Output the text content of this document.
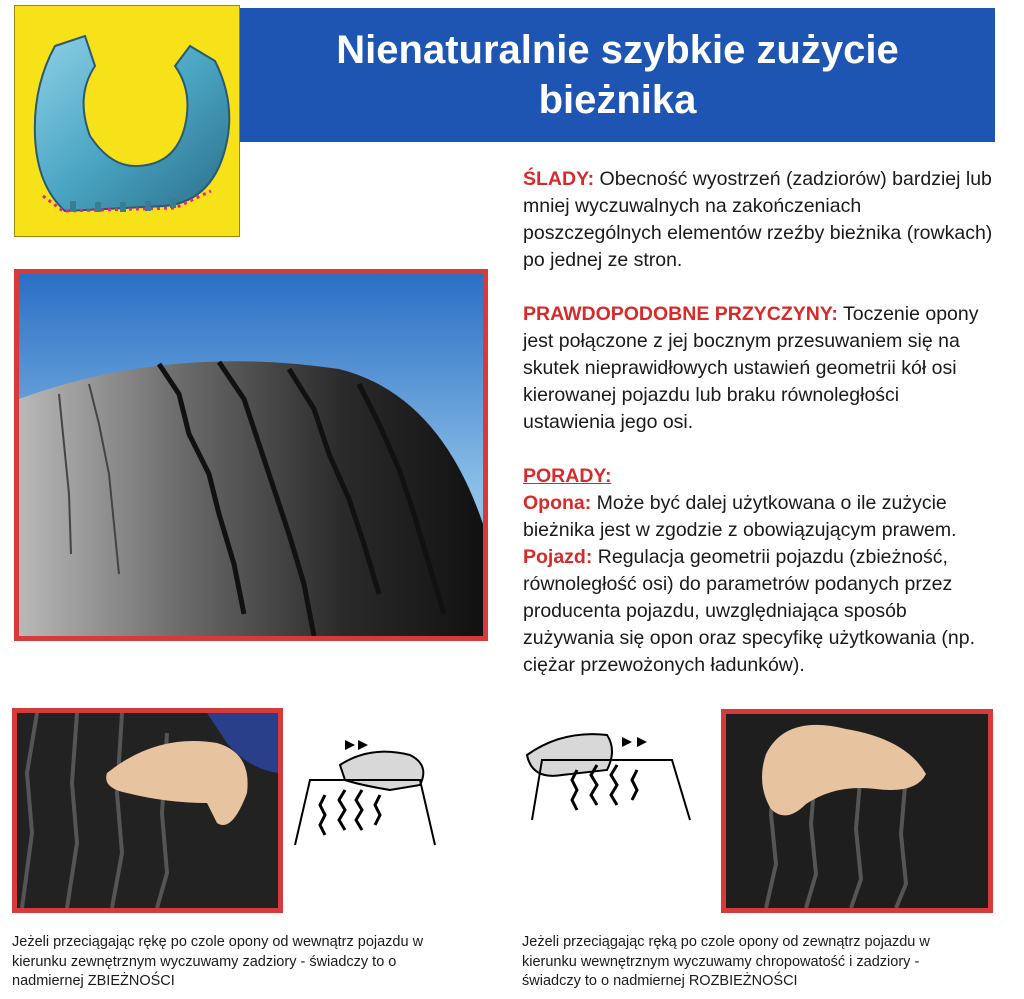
Nienaturalnie szybkie zużycie
bieżnika

ŚLADY: Obecność wyostrzeń (zadziorów) bardziej lub mniej wyczuwalnych na zakończeniach poszczególnych elementów rzeźby bieżnika (rowkach) po jednej ze stron.

PRAWDOPODOBNE PRZYCZYNY: Toczenie opony jest połączone z jej bocznym przesuwaniem się na skutek nieprawidłowych ustawień geometrii kół osi kierowanej pojazdu lub braku równoległości ustawienia jego osi.

PORADY:
Opona: Może być dalej użytkowana o ile zużycie bieżnika jest w zgodzie z obowiązującym prawem.
Pojazd: Regulacja geometrii pojazdu (zbieżność, równoległość osi) do parametrów podanych przez producenta pojazdu, uwzględniająca sposób zużywania się opon oraz specyfikę użytkowania (np. ciężar przewożonych ładunków).
Jeżeli przeciągając rękę po czole opony od wewnątrz pojazdu w kierunku zewnętrznym wyczuwamy zadziory - świadczy to o nadmiernej ZBIEŻNOŚCI
Jeżeli przeciągając ręką po czole opony od zewnątrz pojazdu w kierunku wewnętrznym wyczuwamy chropowatość i zadziory - świadczy to o nadmiernej ROZBIEŻNOŚCI
